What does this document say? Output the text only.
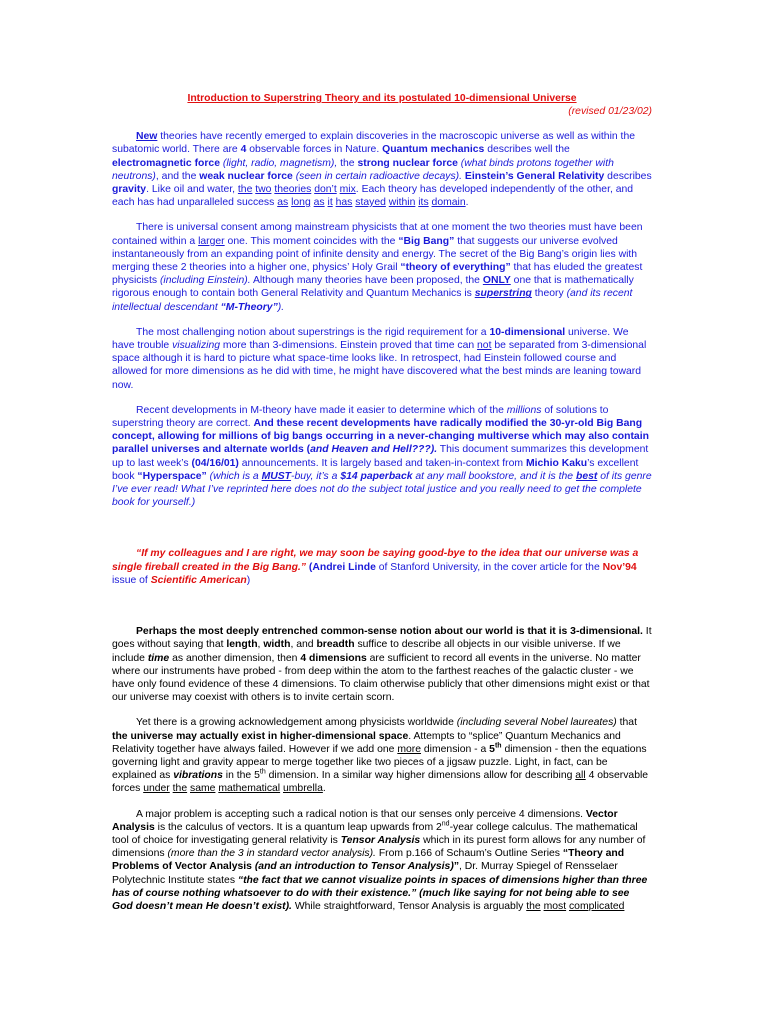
Introduction to Superstring Theory and its postulated 10-dimensional Universe
(revised 01/23/02)

New theories have recently emerged to explain discoveries in the macroscopic universe as well as within the subatomic world. There are 4 observable forces in Nature. Quantum mechanics describes well the electromagnetic force (light, radio, magnetism), the strong nuclear force (what binds protons together with neutrons), and the weak nuclear force (seen in certain radioactive decays). Einstein’s General Relativity describes gravity. Like oil and water, the two theories don’t mix. Each theory has developed independently of the other, and each has had unparalleled success as long as it has stayed within its domain.

There is universal consent among mainstream physicists that at one moment the two theories must have been contained within a larger one. This moment coincides with the “Big Bang” that suggests our universe evolved instantaneously from an expanding point of infinite density and energy. The secret of the Big Bang’s origin lies with merging these 2 theories into a higher one, physics’ Holy Grail “theory of everything” that has eluded the greatest physicists (including Einstein). Although many theories have been proposed, the ONLY one that is mathematically rigorous enough to contain both General Relativity and Quantum Mechanics is superstring theory (and its recent intellectual descendant “M-Theory”).

The most challenging notion about superstrings is the rigid requirement for a 10-dimensional universe. We have trouble visualizing more than 3-dimensions. Einstein proved that time can not be separated from 3-dimensional space although it is hard to picture what space-time looks like. In retrospect, had Einstein followed course and allowed for more dimensions as he did with time, he might have discovered what the best minds are leaning toward now.

Recent developments in M-theory have made it easier to determine which of the millions of solutions to superstring theory are correct. And these recent developments have radically modified the 30-yr-old Big Bang concept, allowing for millions of big bangs occurring in a never-changing multiverse which may also contain parallel universes and alternate worlds (and Heaven and Hell???). This document summarizes this development up to last week’s (04/16/01) announcements. It is largely based and taken-in-context from Michio Kaku’s excellent book “Hyperspace” (which is a MUST-buy, it’s a $14 paperback at any mall bookstore, and it is the best of its genre I’ve ever read! What I’ve reprinted here does not do the subject total justice and you really need to get the complete book for yourself.)

“If my colleagues and I are right, we may soon be saying good-bye to the idea that our universe was a single fireball created in the Big Bang.” (Andrei Linde of Stanford University, in the cover article for the Nov’94 issue of Scientific American)

Perhaps the most deeply entrenched common-sense notion about our world is that it is 3-dimensional. It goes without saying that length, width, and breadth suffice to describe all objects in our visible universe. If we include time as another dimension, then 4 dimensions are sufficient to record all events in the universe. No matter where our instruments have probed - from deep within the atom to the farthest reaches of the galactic cluster - we have only found evidence of these 4 dimensions. To claim otherwise publicly that other dimensions might exist or that our universe may coexist with others is to invite certain scorn.

Yet there is a growing acknowledgement among physicists worldwide (including several Nobel laureates) that the universe may actually exist in higher-dimensional space. Attempts to “splice” Quantum Mechanics and Relativity together have always failed. However if we add one more dimension - a 5th dimension - then the equations governing light and gravity appear to merge together like two pieces of a jigsaw puzzle. Light, in fact, can be explained as vibrations in the 5th dimension. In a similar way higher dimensions allow for describing all 4 observable forces under the same mathematical umbrella.

A major problem is accepting such a radical notion is that our senses only perceive 4 dimensions. Vector Analysis is the calculus of vectors. It is a quantum leap upwards from 2nd-year college calculus. The mathematical tool of choice for investigating general relativity is Tensor Analysis which in its purest form allows for any number of dimensions (more than the 3 in standard vector analysis). From p.166 of Schaum’s Outline Series “Theory and Problems of Vector Analysis (and an introduction to Tensor Analysis)”, Dr. Murray Spiegel of Rensselaer Polytechnic Institute states “the fact that we cannot visualize points in spaces of dimensions higher than three has of course nothing whatsoever to do with their existence.” (much like saying for not being able to see God doesn’t mean He doesn’t exist). While straightforward, Tensor Analysis is arguably the most complicated
